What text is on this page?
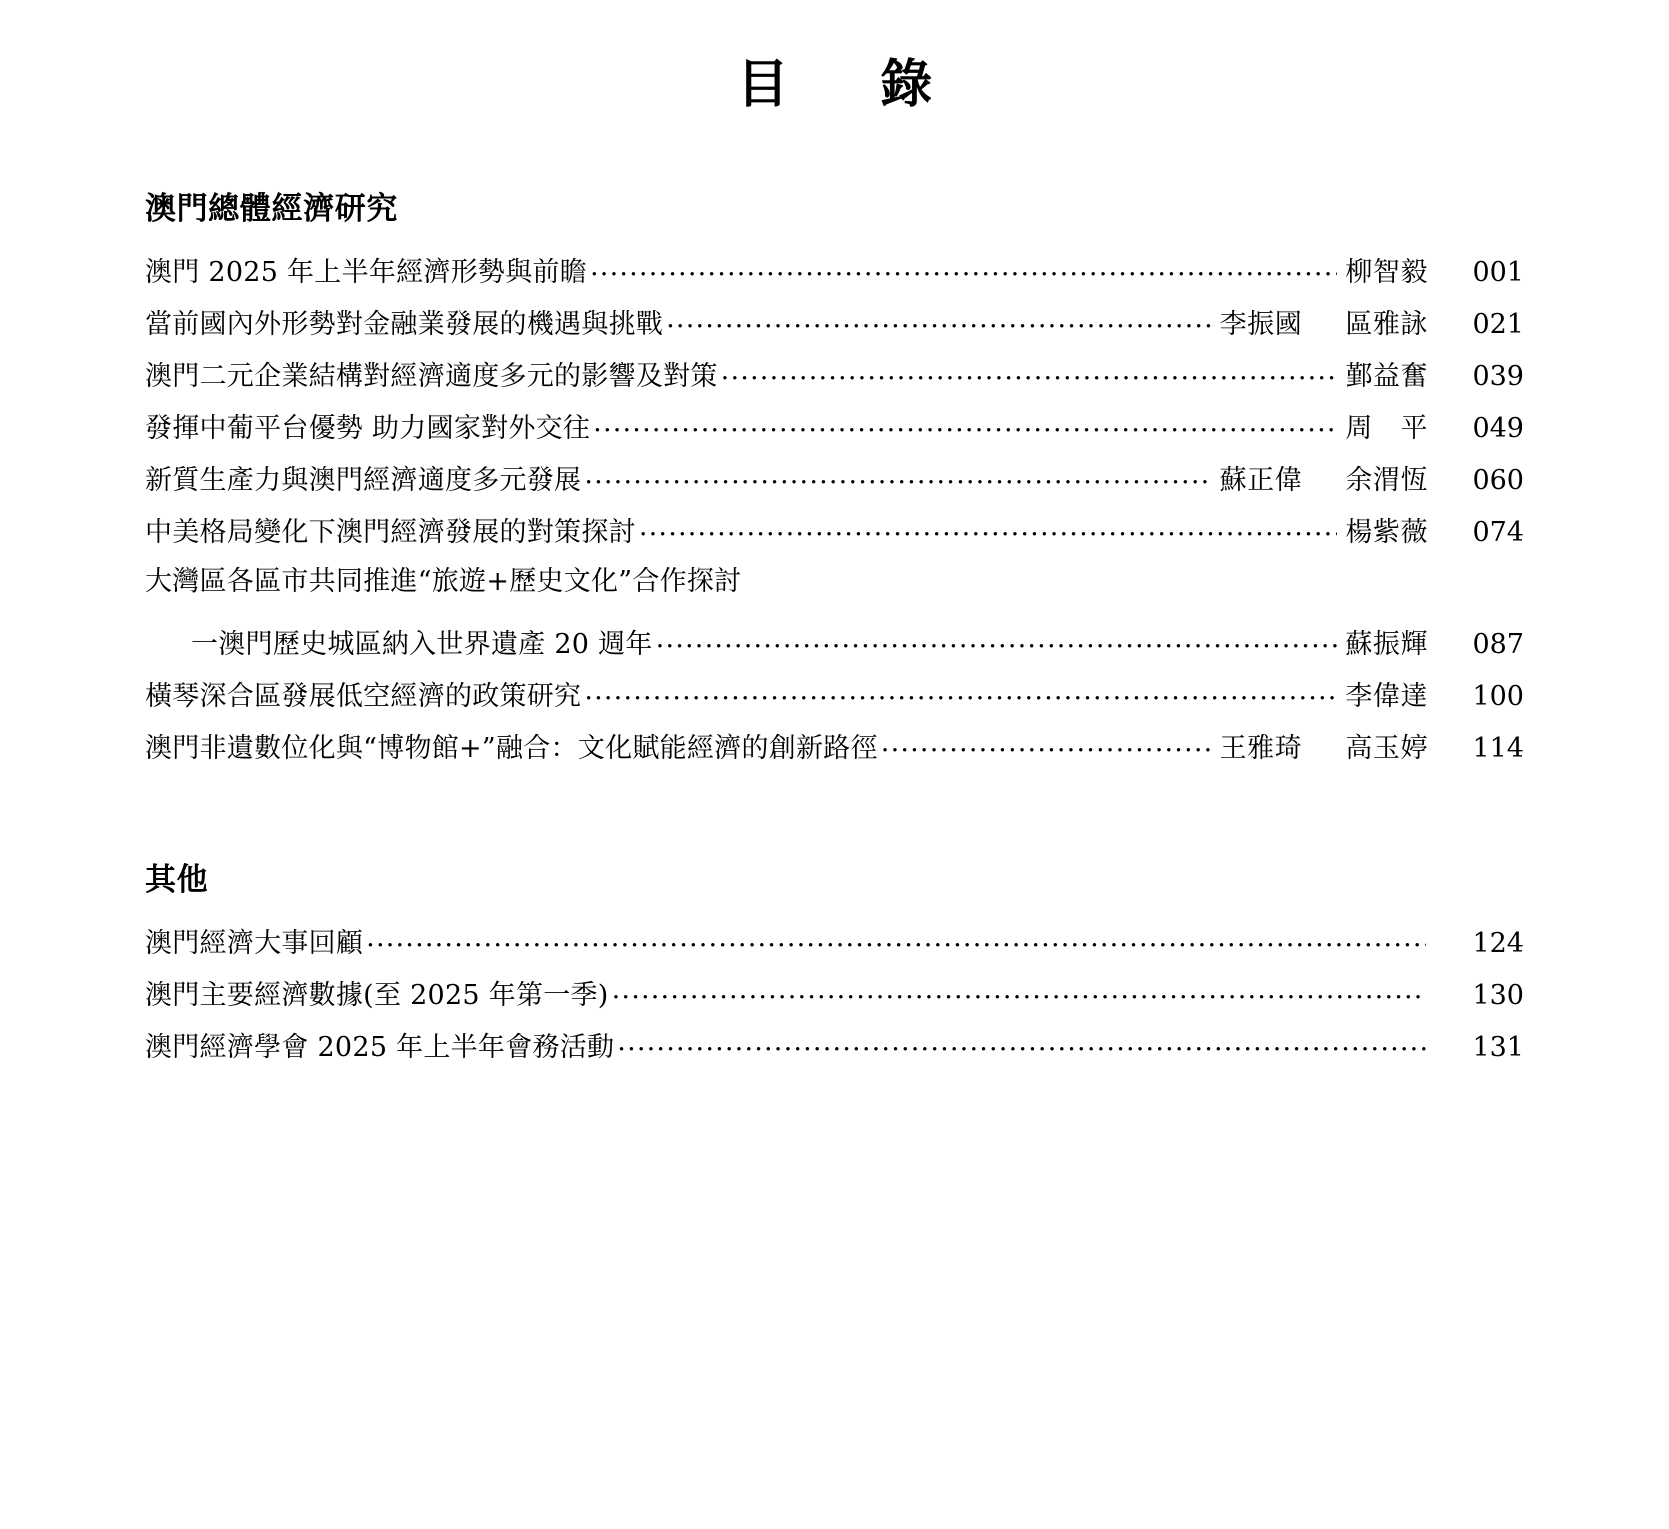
目　錄
澳門總體經濟研究
澳門 2025 年上半年經濟形勢與前瞻 .....	柳智毅	001
當前國內外形勢對金融業發展的機遇與挑戰 .....	李振國 區雅詠	021
澳門二元企業結構對經濟適度多元的影響及對策 .....	鄞益奮	039
發揮中葡平台優勢 助力國家對外交往 .....	周　平	049
新質生產力與澳門經濟適度多元發展 .....	蘇正偉 余渭恆	060
中美格局變化下澳門經濟發展的對策探討 .....	楊紫薇	074
大灣區各區市共同推進“旅遊+歷史文化”合作探討
一澳門歷史城區納入世界遺產 20 週年 .....	蘇振輝	087
橫琴深合區發展低空經濟的政策研究 .....	李偉達	100
澳門非遺數位化與“博物館+”融合：文化賦能經濟的創新路徑 .....	王雅琦 高玉婷	114
其他
澳門經濟大事回顧 .....	124
澳門主要經濟數據(至 2025 年第一季) .....	130
澳門經濟學會 2025 年上半年會務活動 .....	131
